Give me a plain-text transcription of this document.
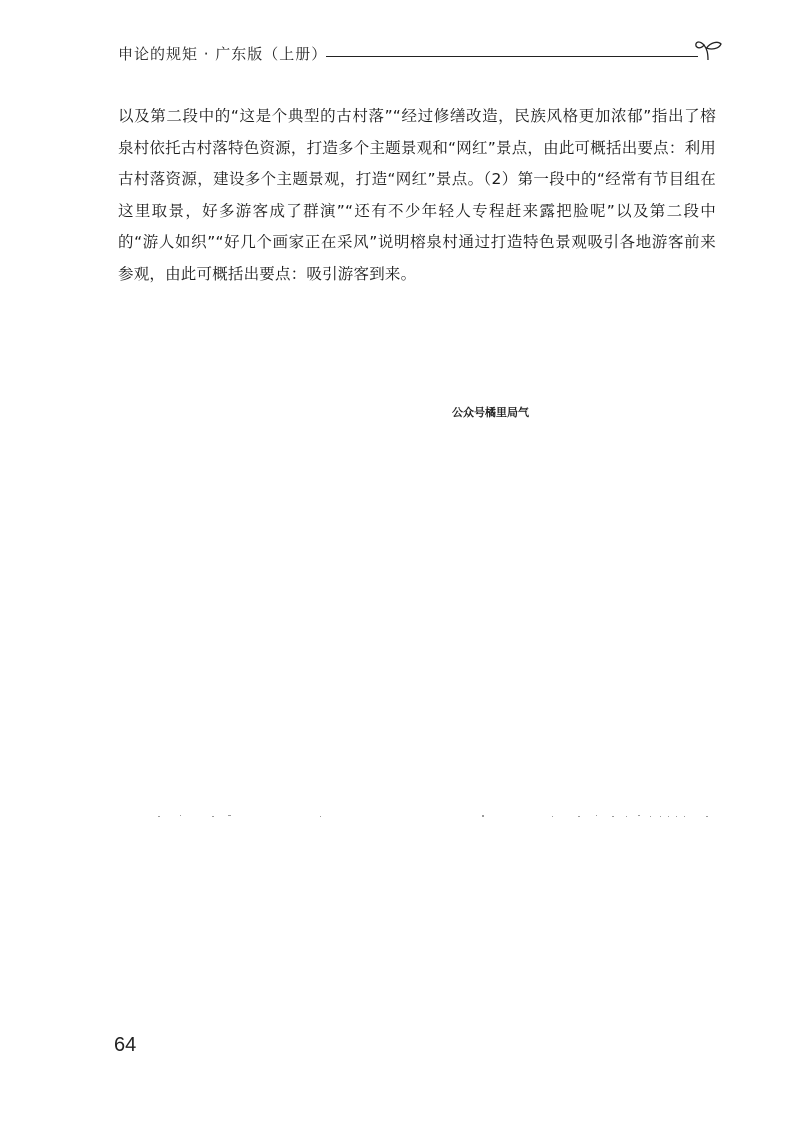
申论的规矩 · 广东版（上册）
以及第二段中的“这是个典型的古村落”“经过修缮改造，民族风格更加浓郁”指出了榕泉村依托古村落特色资源，打造多个主题景观和“网红”景点，由此可概括出要点：利用古村落资源，建设多个主题景观，打造“网红”景点。（2）第一段中的“经常有节目组在这里取景，好多游客成了群演”“还有不少年轻人专程赶来露把脸呢”以及第二段中的“游人如织”“好几个画家正在采风”说明榕泉村通过打造特色景观吸引各地游客前来参观，由此可概括出要点：吸引游客到来。
公众号橘里局气
64
